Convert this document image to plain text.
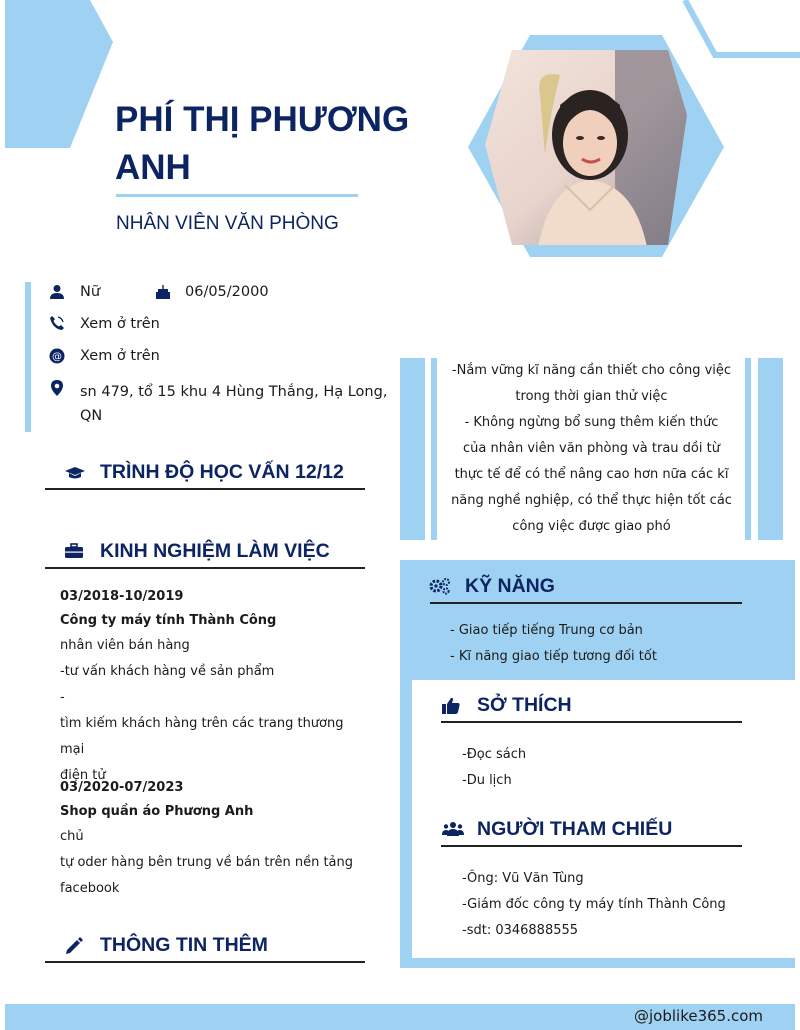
PHÍ THỊ PHƯƠNG
ANH
NHÂN VIÊN VĂN PHÒNG
Nữ	06/05/2000
Xem ở trên
@ Xem ở trên
sn 479, tổ 15 khu 4 Hùng Thắng, Hạ Long,
QN
TRÌNH ĐỘ HỌC VẤN 12/12
KINH NGHIỆM LÀM VIỆC
03/2018-10/2019
Công ty máy tính Thành Công
nhân viên bán hàng
-tư vấn khách hàng về sản phẩm
-
tìm kiếm khách hàng trên các trang thương mại
điện tử
03/2020-07/2023
Shop quần áo Phương Anh
chủ
tự oder hàng bên trung về bán trên nền tảng
facebook
THÔNG TIN THÊM
-Nắm vững kĩ năng cần thiết cho công việc
trong thời gian thử việc
- Không ngừng bổ sung thêm kiến thức
của nhân viên văn phòng và trau dồi từ
thực tế để có thể nâng cao hơn nữa các kĩ
năng nghề nghiệp, có thể thực hiện tốt các
công việc được giao phó
KỸ NĂNG
- Giao tiếp tiếng Trung cơ bản
- Kĩ năng giao tiếp tương đối tốt
SỞ THÍCH
-Đọc sách
-Du lịch
NGƯỜI THAM CHIẾU
-Ông: Vũ Văn Tùng
-Giám đốc công ty máy tính Thành Công
-sdt: 0346888555
@joblike365.com
